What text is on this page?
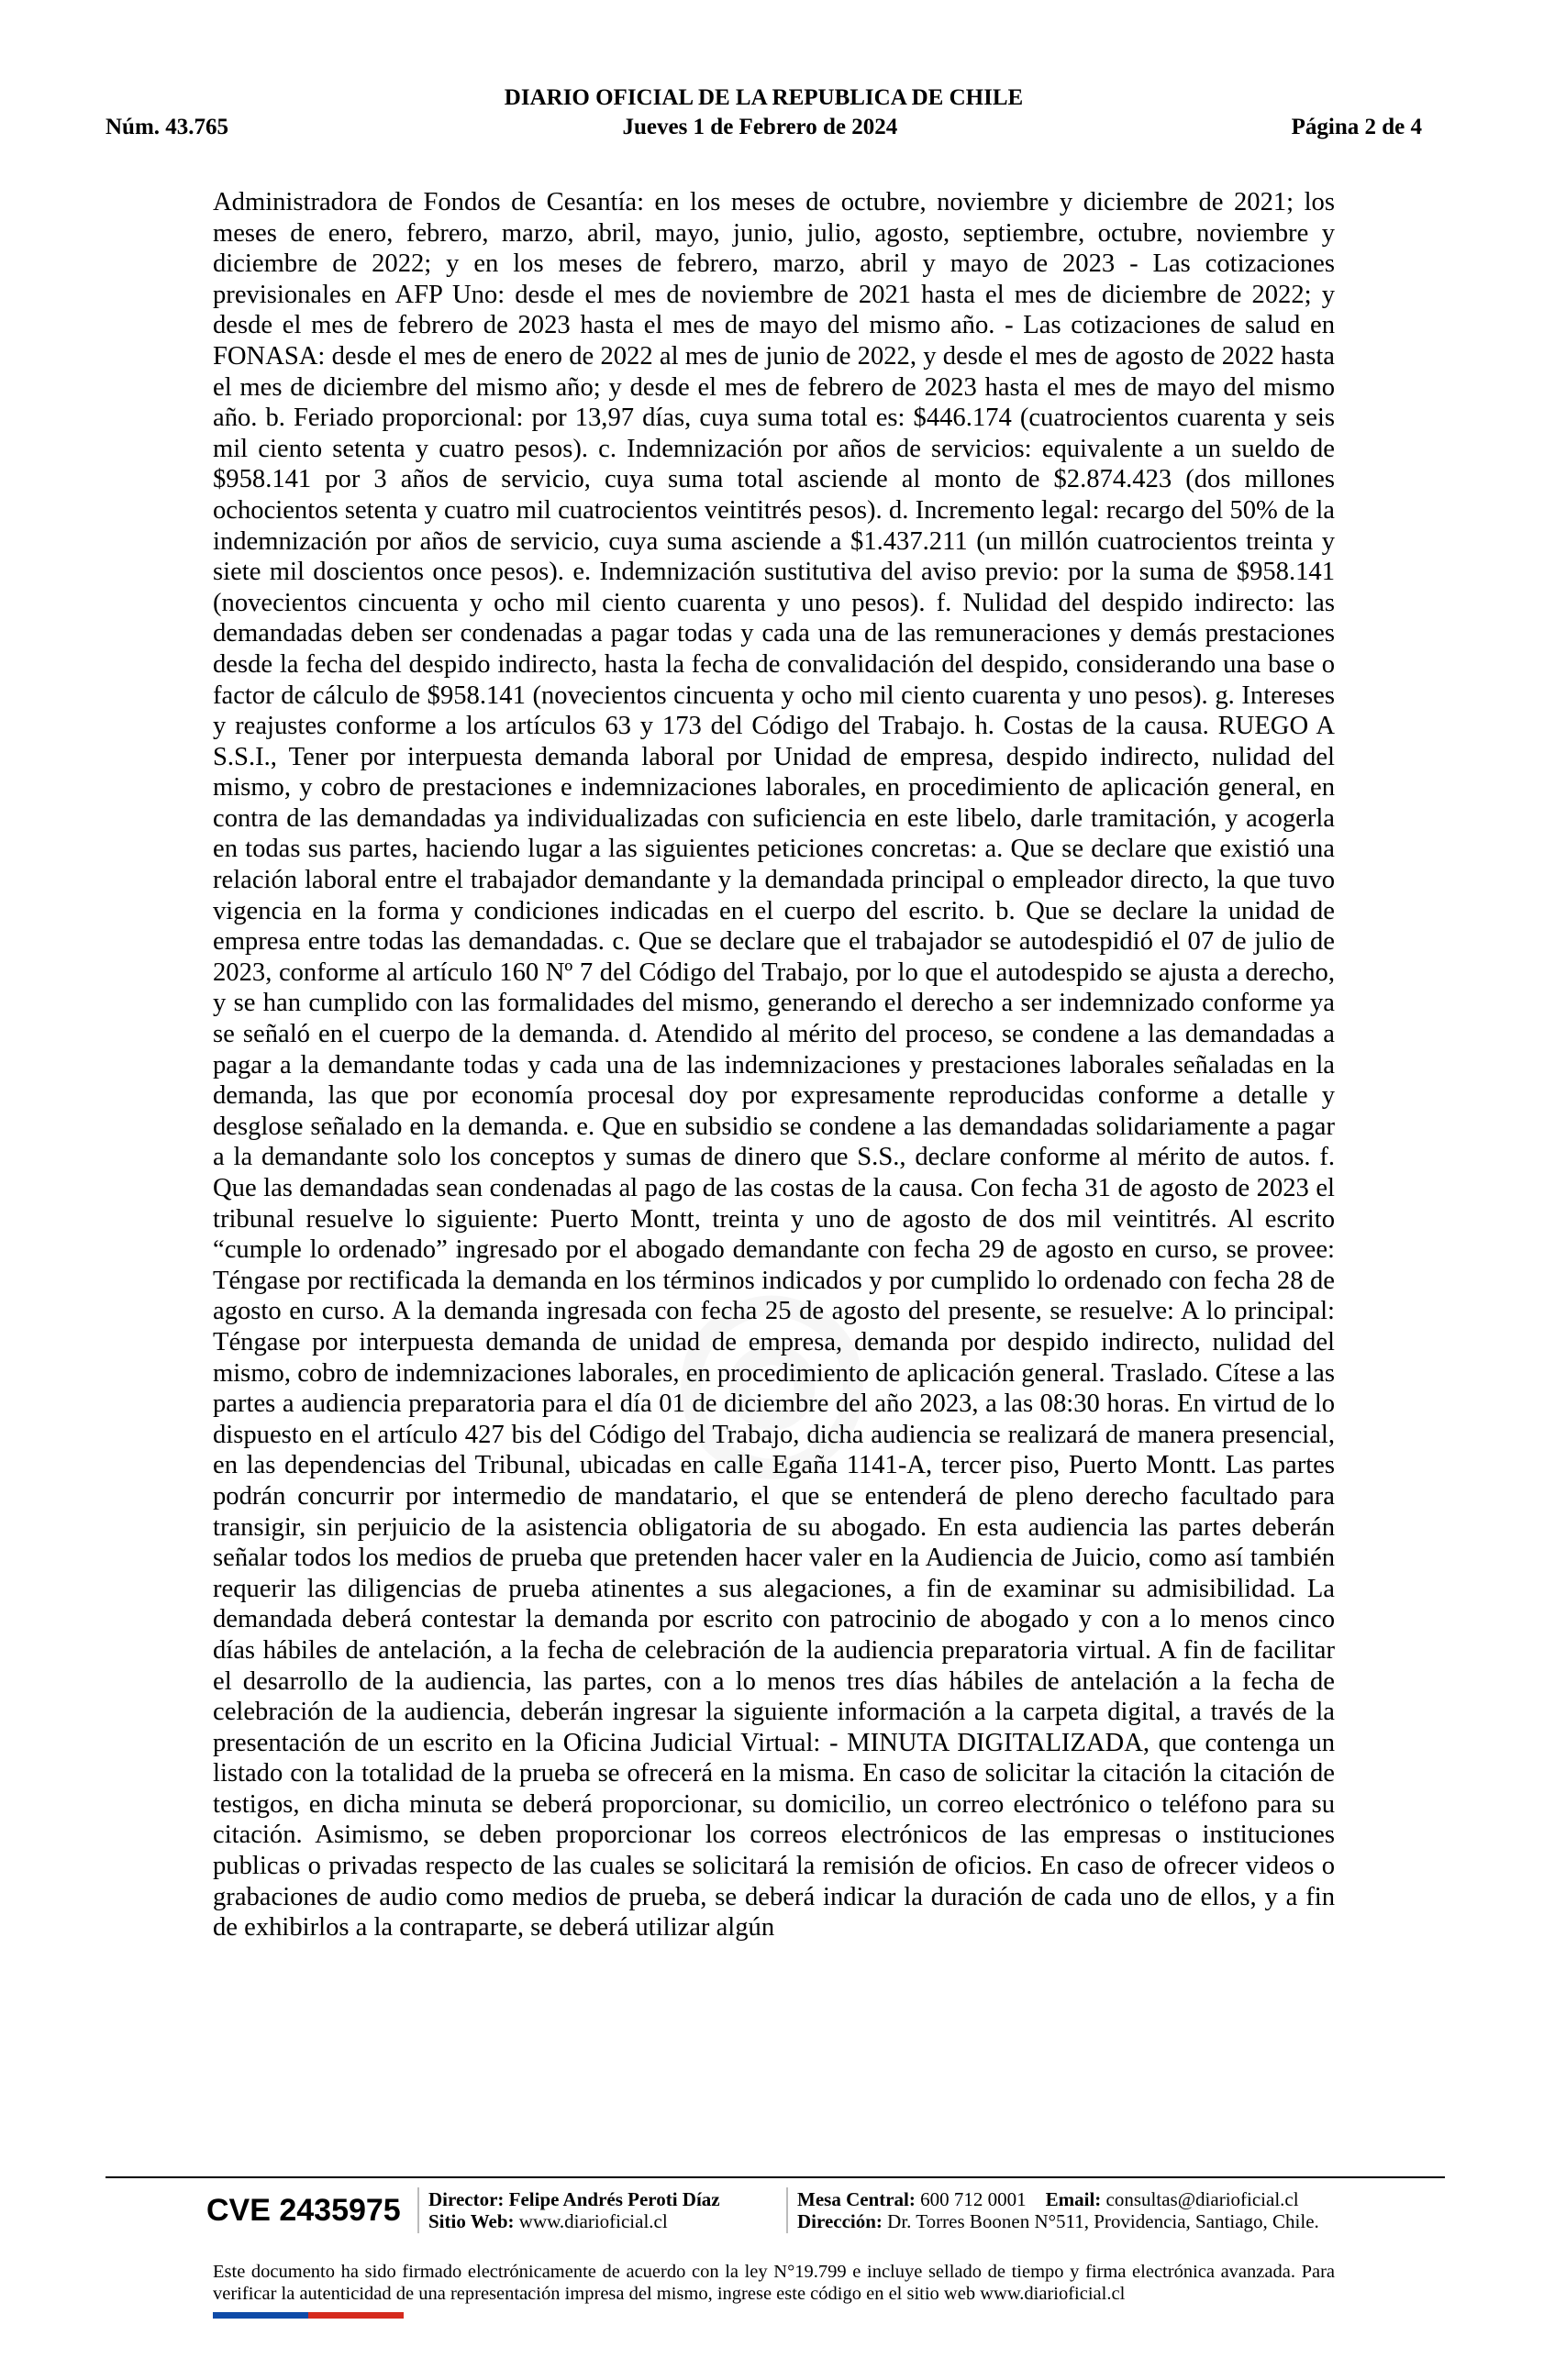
DIARIO OFICIAL DE LA REPUBLICA DE CHILE
Núm. 43.765	Jueves 1 de Febrero de 2024	Página 2 de 4

Administradora de Fondos de Cesantía: en los meses de octubre, noviembre y diciembre de 2021; los meses de enero, febrero, marzo, abril, mayo, junio, julio, agosto, septiembre, octubre, noviembre y diciembre de 2022; y en los meses de febrero, marzo, abril y mayo de 2023 - Las cotizaciones previsionales en AFP Uno: desde el mes de noviembre de 2021 hasta el mes de diciembre de 2022; y desde el mes de febrero de 2023 hasta el mes de mayo del mismo año. - Las cotizaciones de salud en FONASA: desde el mes de enero de 2022 al mes de junio de 2022, y desde el mes de agosto de 2022 hasta el mes de diciembre del mismo año; y desde el mes de febrero de 2023 hasta el mes de mayo del mismo año. b. Feriado proporcional: por 13,97 días, cuya suma total es: $446.174 (cuatrocientos cuarenta y seis mil ciento setenta y cuatro pesos). c. Indemnización por años de servicios: equivalente a un sueldo de $958.141 por 3 años de servicio, cuya suma total asciende al monto de $2.874.423 (dos millones ochocientos setenta y cuatro mil cuatrocientos veintitrés pesos). d. Incremento legal: recargo del 50% de la indemnización por años de servicio, cuya suma asciende a $1.437.211 (un millón cuatrocientos treinta y siete mil doscientos once pesos). e. Indemnización sustitutiva del aviso previo: por la suma de $958.141 (novecientos cincuenta y ocho mil ciento cuarenta y uno pesos). f. Nulidad del despido indirecto: las demandadas deben ser condenadas a pagar todas y cada una de las remuneraciones y demás prestaciones desde la fecha del despido indirecto, hasta la fecha de convalidación del despido, considerando una base o factor de cálculo de $958.141 (novecientos cincuenta y ocho mil ciento cuarenta y uno pesos). g. Intereses y reajustes conforme a los artículos 63 y 173 del Código del Trabajo. h. Costas de la causa. RUEGO A S.S.I., Tener por interpuesta demanda laboral por Unidad de empresa, despido indirecto, nulidad del mismo, y cobro de prestaciones e indemnizaciones laborales, en procedimiento de aplicación general, en contra de las demandadas ya individualizadas con suficiencia en este libelo, darle tramitación, y acogerla en todas sus partes, haciendo lugar a las siguientes peticiones concretas: a. Que se declare que existió una relación laboral entre el trabajador demandante y la demandada principal o empleador directo, la que tuvo vigencia en la forma y condiciones indicadas en el cuerpo del escrito. b. Que se declare la unidad de empresa entre todas las demandadas. c. Que se declare que el trabajador se autodespidió el 07 de julio de 2023, conforme al artículo 160 Nº 7 del Código del Trabajo, por lo que el autodespido se ajusta a derecho, y se han cumplido con las formalidades del mismo, generando el derecho a ser indemnizado conforme ya se señaló en el cuerpo de la demanda. d. Atendido al mérito del proceso, se condene a las demandadas a pagar a la demandante todas y cada una de las indemnizaciones y prestaciones laborales señaladas en la demanda, las que por economía procesal doy por expresamente reproducidas conforme a detalle y desglose señalado en la demanda. e. Que en subsidio se condene a las demandadas solidariamente a pagar a la demandante solo los conceptos y sumas de dinero que S.S., declare conforme al mérito de autos. f. Que las demandadas sean condenadas al pago de las costas de la causa. Con fecha 31 de agosto de 2023 el tribunal resuelve lo siguiente: Puerto Montt, treinta y uno de agosto de dos mil veintitrés. Al escrito “cumple lo ordenado” ingresado por el abogado demandante con fecha 29 de agosto en curso, se provee: Téngase por rectificada la demanda en los términos indicados y por cumplido lo ordenado con fecha 28 de agosto en curso. A la demanda ingresada con fecha 25 de agosto del presente, se resuelve: A lo principal: Téngase por interpuesta demanda de unidad de empresa, demanda por despido indirecto, nulidad del mismo, cobro de indemnizaciones laborales, en procedimiento de aplicación general. Traslado. Cítese a las partes a audiencia preparatoria para el día 01 de diciembre del año 2023, a las 08:30 horas. En virtud de lo dispuesto en el artículo 427 bis del Código del Trabajo, dicha audiencia se realizará de manera presencial, en las dependencias del Tribunal, ubicadas en calle Egaña 1141-A, tercer piso, Puerto Montt. Las partes podrán concurrir por intermedio de mandatario, el que se entenderá de pleno derecho facultado para transigir, sin perjuicio de la asistencia obligatoria de su abogado. En esta audiencia las partes deberán señalar todos los medios de prueba que pretenden hacer valer en la Audiencia de Juicio, como así también requerir las diligencias de prueba atinentes a sus alegaciones, a fin de examinar su admisibilidad. La demandada deberá contestar la demanda por escrito con patrocinio de abogado y con a lo menos cinco días hábiles de antelación, a la fecha de celebración de la audiencia preparatoria virtual. A fin de facilitar el desarrollo de la audiencia, las partes, con a lo menos tres días hábiles de antelación a la fecha de celebración de la audiencia, deberán ingresar la siguiente información a la carpeta digital, a través de la presentación de un escrito en la Oficina Judicial Virtual: - MINUTA DIGITALIZADA, que contenga un listado con la totalidad de la prueba se ofrecerá en la misma. En caso de solicitar la citación la citación de testigos, en dicha minuta se deberá proporcionar, su domicilio, un correo electrónico o teléfono para su citación. Asimismo, se deben proporcionar los correos electrónicos de las empresas o instituciones publicas o privadas respecto de las cuales se solicitará la remisión de oficios. En caso de ofrecer videos o grabaciones de audio como medios de prueba, se deberá indicar la duración de cada uno de ellos, y a fin de exhibirlos a la contraparte, se deberá utilizar algún

CVE 2435975	Director: Felipe Andrés Peroti Díaz
Sitio Web: www.diarioficial.cl
Mesa Central: 600 712 0001 Email: consultas@diarioficial.cl
Dirección: Dr. Torres Boonen N°511, Providencia, Santiago, Chile.
Este documento ha sido firmado electrónicamente de acuerdo con la ley N°19.799 e incluye sellado de tiempo y firma electrónica avanzada. Para verificar la autenticidad de una representación impresa del mismo, ingrese este código en el sitio web www.diarioficial.cl
